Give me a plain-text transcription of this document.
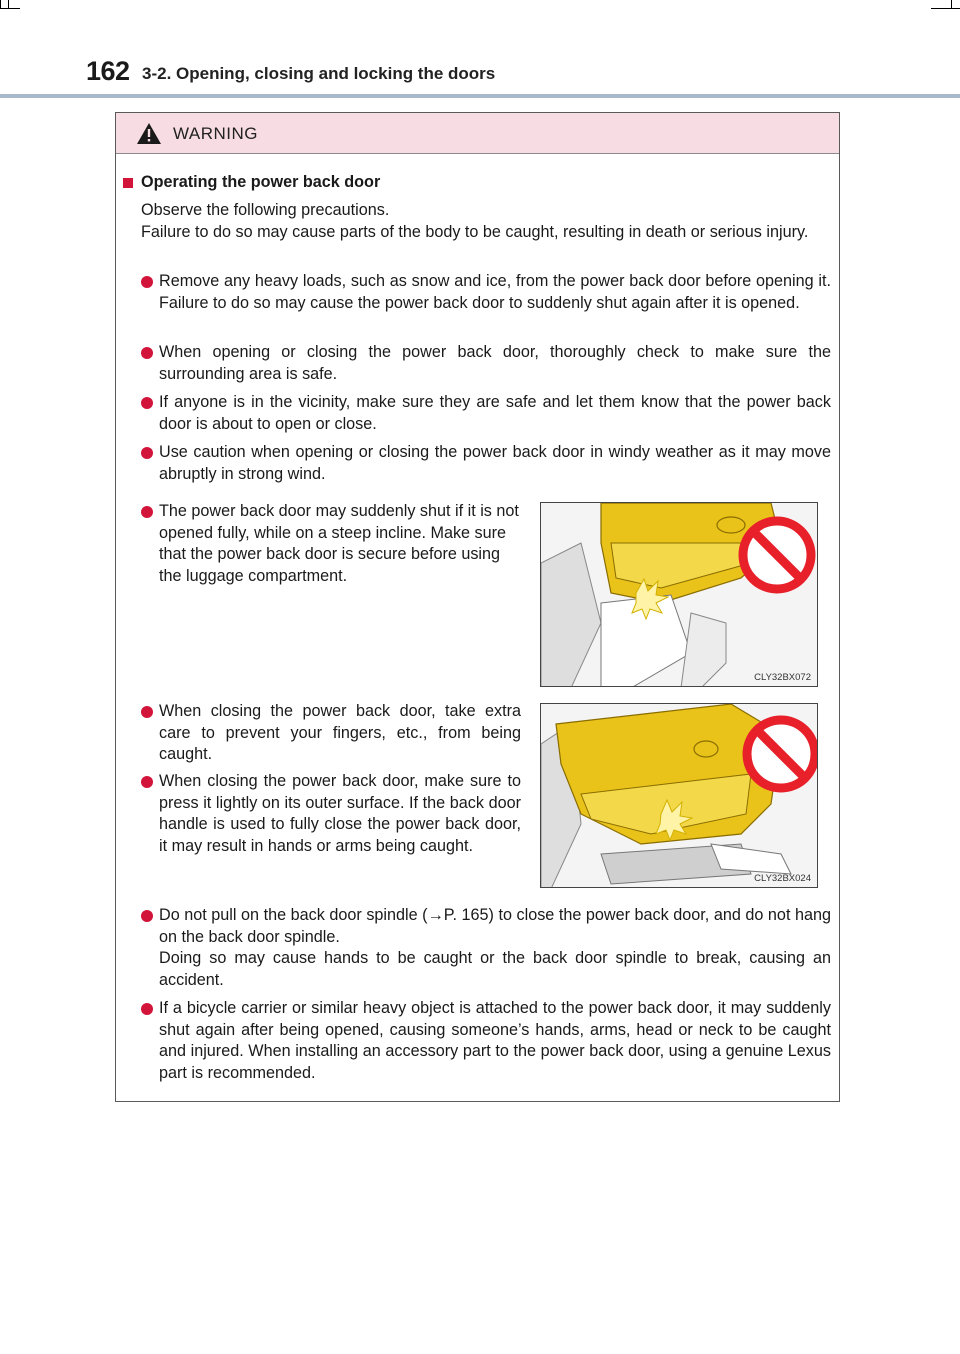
162 3-2. Opening, closing and locking the doors
WARNING
Operating the power back door
Observe the following precautions.
Failure to do so may cause parts of the body to be caught, resulting in death or serious injury.
Remove any heavy loads, such as snow and ice, from the power back door before opening it. Failure to do so may cause the power back door to suddenly shut again after it is opened.
When opening or closing the power back door, thoroughly check to make sure the surrounding area is safe.
If anyone is in the vicinity, make sure they are safe and let them know that the power back door is about to open or close.
Use caution when opening or closing the power back door in windy weather as it may move abruptly in strong wind.
The power back door may suddenly shut if it is not opened fully, while on a steep incline. Make sure that the power back door is secure before using the luggage compartment.
When closing the power back door, take extra care to prevent your fingers, etc., from being caught.
When closing the power back door, make sure to press it lightly on its outer surface. If the back door handle is used to fully close the power back door, it may result in hands or arms being caught.
CLY32BX072
CLY32BX024
Do not pull on the back door spindle (→P. 165) to close the power back door, and do not hang on the back door spindle.
Doing so may cause hands to be caught or the back door spindle to break, causing an accident.
If a bicycle carrier or similar heavy object is attached to the power back door, it may suddenly shut again after being opened, causing someone’s hands, arms, head or neck to be caught and injured. When installing an accessory part to the power back door, using a genuine Lexus part is recommended.
